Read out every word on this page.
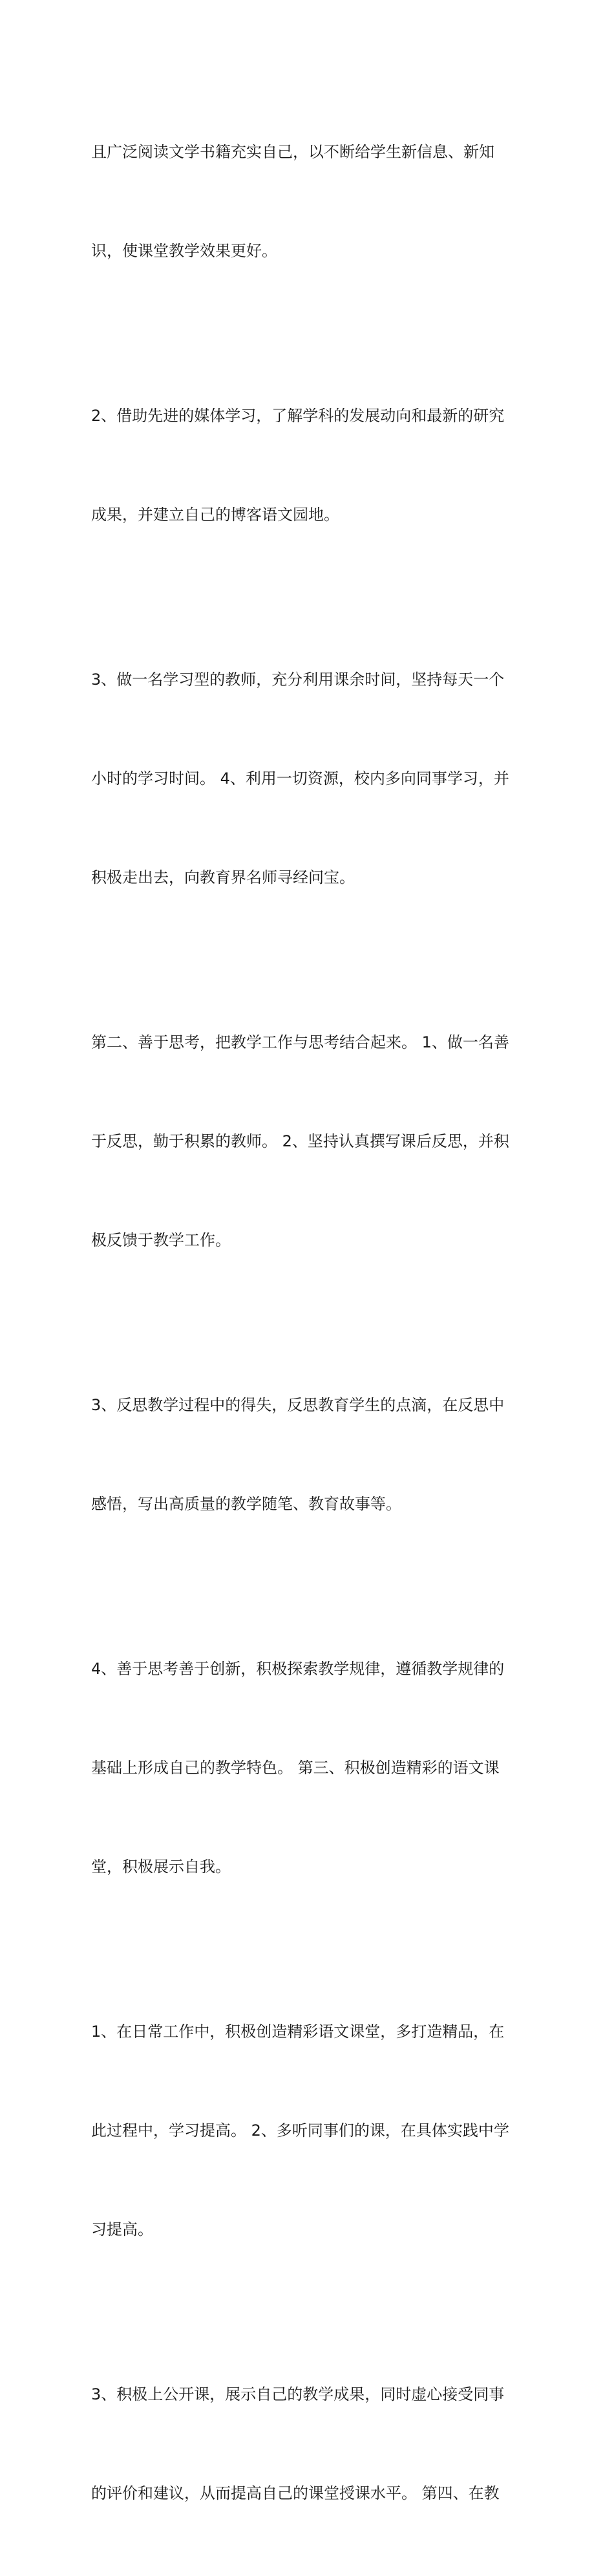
且广泛阅读文学书籍充实自己，以不断给学生新信息、新知

识，使课堂教学效果更好。

2、借助先进的媒体学习，了解学科的发展动向和最新的研究

成果，并建立自己的博客语文园地。

3、做一名学习型的教师，充分利用课余时间，坚持每天一个

小时的学习时间。 4、利用一切资源，校内多向同事学习，并

积极走出去，向教育界名师寻经问宝。

第二、善于思考，把教学工作与思考结合起来。 1、做一名善

于反思，勤于积累的教师。 2、坚持认真撰写课后反思，并积

极反馈于教学工作。

3、反思教学过程中的得失，反思教育学生的点滴，在反思中

感悟，写出高质量的教学随笔、教育故事等。

4、善于思考善于创新，积极探索教学规律，遵循教学规律的

基础上形成自己的教学特色。 第三、积极创造精彩的语文课

堂，积极展示自我。

1、在日常工作中，积极创造精彩语文课堂，多打造精品，在

此过程中，学习提高。 2、多听同事们的课，在具体实践中学

习提高。

3、积极上公开课，展示自己的教学成果，同时虚心接受同事

的评价和建议，从而提高自己的课堂授课水平。 第四、在教
